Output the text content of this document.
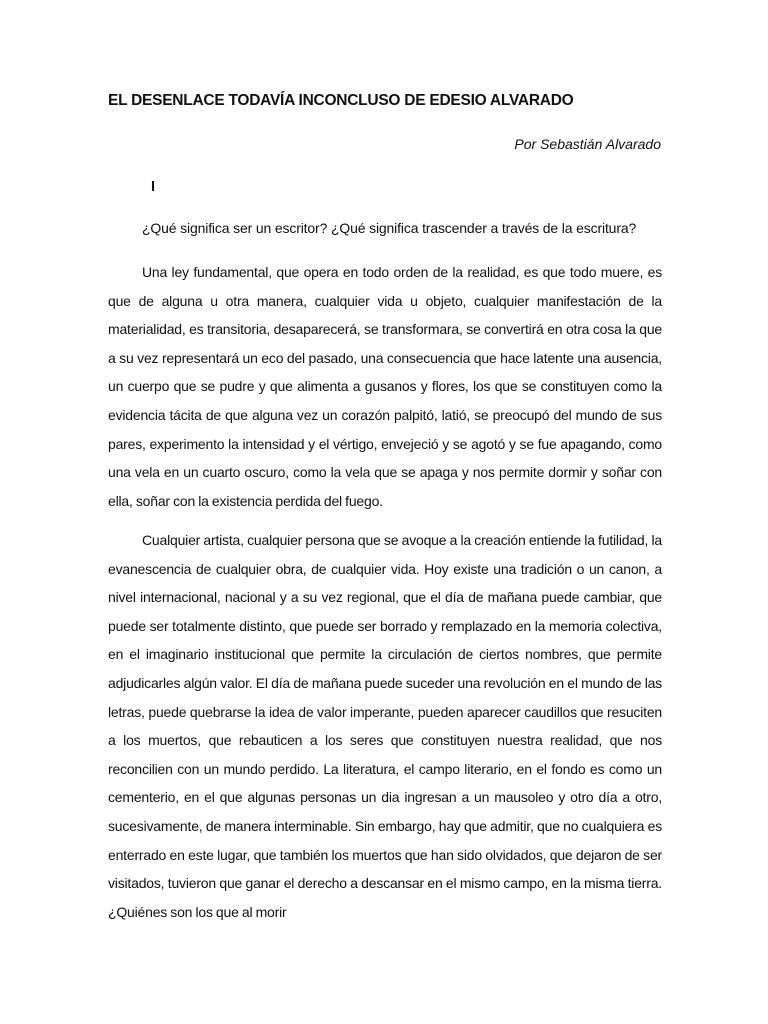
EL DESENLACE TODAVÍA INCONCLUSO DE EDESIO ALVARADO
Por Sebastián Alvarado
I
¿Qué significa ser un escritor? ¿Qué significa trascender a través de la escritura?

Una ley fundamental, que opera en todo orden de la realidad, es que todo muere, es que de alguna u otra manera, cualquier vida u objeto, cualquier manifestación de la materialidad, es transitoria, desaparecerá, se transformara, se convertirá en otra cosa la que a su vez representará un eco del pasado, una consecuencia que hace latente una ausencia, un cuerpo que se pudre y que alimenta a gusanos y flores, los que se constituyen como la evidencia tácita de que alguna vez un corazón palpitó, latió, se preocupó del mundo de sus pares, experimento la intensidad y el vértigo, envejeció y se agotó y se fue apagando, como una vela en un cuarto oscuro, como la vela que se apaga y nos permite dormir y soñar con ella, soñar con la existencia perdida del fuego.

Cualquier artista, cualquier persona que se avoque a la creación entiende la futilidad, la evanescencia de cualquier obra, de cualquier vida. Hoy existe una tradición o un canon, a nivel internacional, nacional y a su vez regional, que el día de mañana puede cambiar, que puede ser totalmente distinto, que puede ser borrado y remplazado en la memoria colectiva, en el imaginario institucional que permite la circulación de ciertos nombres, que permite adjudicarles algún valor. El día de mañana puede suceder una revolución en el mundo de las letras, puede quebrarse la idea de valor imperante, pueden aparecer caudillos que resuciten a los muertos, que rebauticen a los seres que constituyen nuestra realidad, que nos reconcilien con un mundo perdido. La literatura, el campo literario, en el fondo es como un cementerio, en el que algunas personas un dia ingresan a un mausoleo y otro día a otro, sucesivamente, de manera interminable. Sin embargo, hay que admitir, que no cualquiera es enterrado en este lugar, que también los muertos que han sido olvidados, que dejaron de ser visitados, tuvieron que ganar el derecho a descansar en el mismo campo, en la misma tierra. ¿Quiénes son los que al morir
